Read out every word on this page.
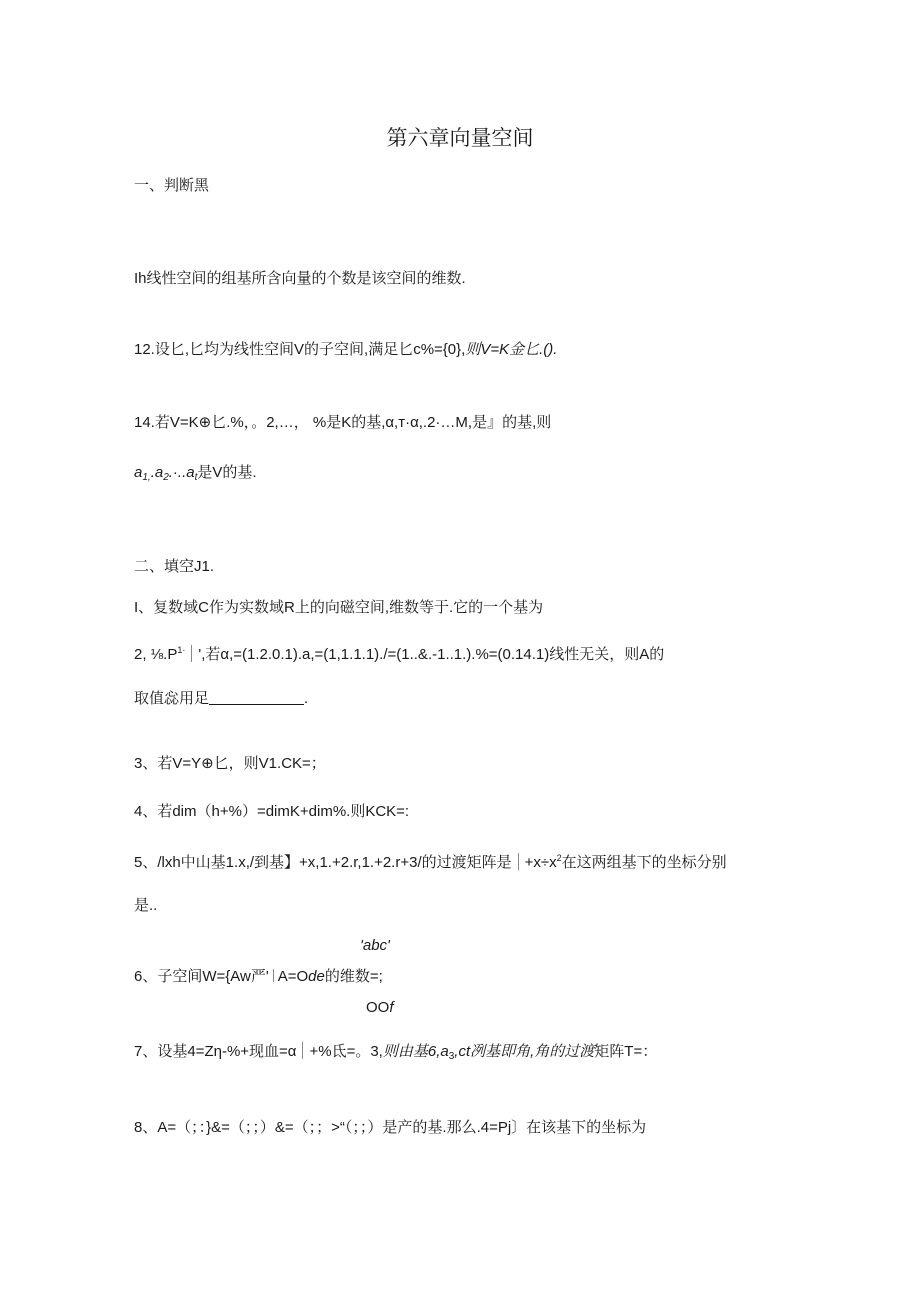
第六章向量空间
一、判断黑
Ih线性空间的组基所含向量的个数是该空间的维数.
12.设匕,匕均为线性空间V的子空间,满足匕c%={0},则V=K金匕.().
14.若V=K⊕匕.%，。2,…， %是K的基,α,т·α,.2·…M,是』的基,则
$a_{1,}.a_2.\cdot..a_t$是V的基.
二、填空J1.
I、复数域C作为实数域R上的向磁空间,维数等于.它的一个基为
2, $\frac{1}{8}.P^{1\cdot}$ ',若α,=(1.2.0.1).a,=(1,1.1.1)./=(1..&.-1..1.).%=(0.14.1)线性无关，则A的
取值惢用足	.
3、若V=Y⊕匕，则V1.CK=；
4、若dim（h+%）=dimK+dim%.则KCK=:
5、/lxh中山基1.x,/到基】+x,1.+2.r,1.+2.r+3/的过渡矩阵是 $+x\div x^2$在这两组基下的坐标分别
是..
'abc'
6、子空间W={Aw严' A=Ode的维数=;
OOf
7、设基4=Zη-%+现血=α +%氐=。3,则由基$6,a_3,ct$冽基即角,角的过渡矩阵T=：
8、A=（；：}&=（；；）&=（；；>“（；；）是产的基.那么.4=Pj〕在该基下的坐标为
